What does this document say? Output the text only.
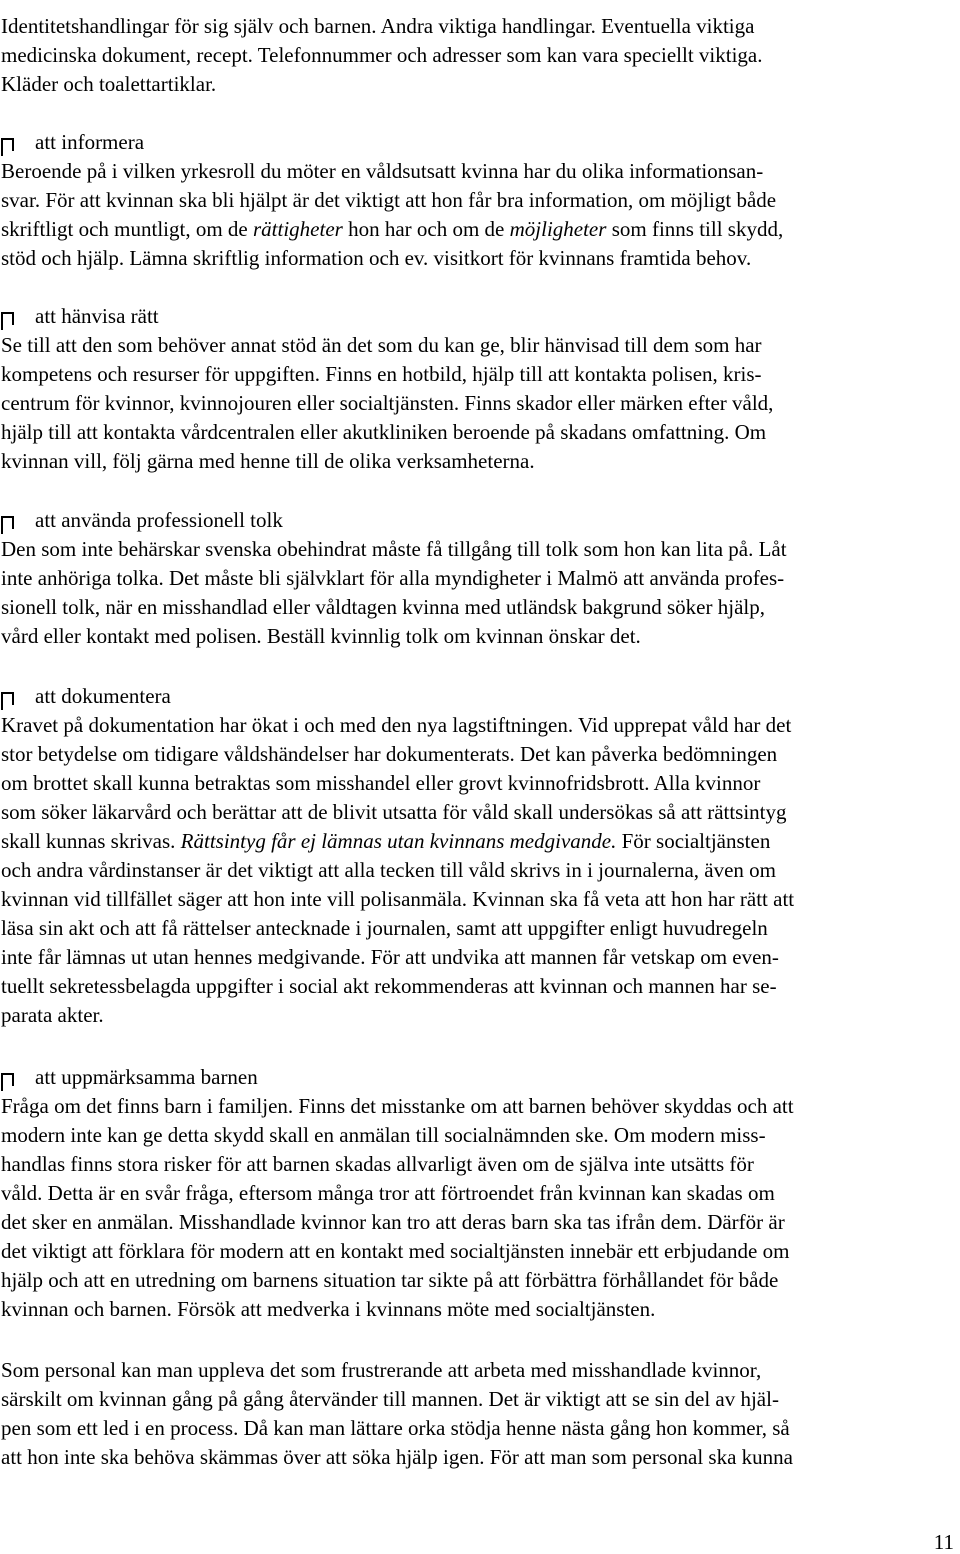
Identitetshandlingar för sig själv och barnen. Andra viktiga handlingar. Eventuella viktiga

medicinska dokument, recept. Telefonnummer och adresser som kan vara speciellt viktiga.

Kläder och toalettartiklar.

att informera

Beroende på i vilken yrkesroll du möter en våldsutsatt kvinna har du olika informationsan-

svar. För att kvinnan ska bli hjälpt är det viktigt att hon får bra information, om möjligt både

skriftligt och muntligt, om de rättigheter hon har och om de möjligheter som finns till skydd,

stöd och hjälp. Lämna skriftlig information och ev. visitkort för kvinnans framtida behov.

att hänvisa rätt

Se till att den som behöver annat stöd än det som du kan ge, blir hänvisad till dem som har

kompetens och resurser för uppgiften. Finns en hotbild, hjälp till att kontakta polisen, kris-

centrum för kvinnor, kvinnojouren eller socialtjänsten. Finns skador eller märken efter våld,

hjälp till att kontakta vårdcentralen eller akutkliniken beroende på skadans omfattning. Om

kvinnan vill, följ gärna med henne till de olika verksamheterna.

att använda professionell tolk

Den som inte behärskar svenska obehindrat måste få tillgång till tolk som hon kan lita på. Låt

inte anhöriga tolka. Det måste bli självklart för alla myndigheter i Malmö att använda profes-

sionell tolk, när en misshandlad eller våldtagen kvinna med utländsk bakgrund söker hjälp,

vård eller kontakt med polisen. Beställ kvinnlig tolk om kvinnan önskar det.

att dokumentera

Kravet på dokumentation har ökat i och med den nya lagstiftningen. Vid upprepat våld har det

stor betydelse om tidigare våldshändelser har dokumenterats. Det kan påverka bedömningen

om brottet skall kunna betraktas som misshandel eller grovt kvinnofridsbrott. Alla kvinnor

som söker läkarvård och berättar att de blivit utsatta för våld skall undersökas så att rättsintyg

skall kunnas skrivas. Rättsintyg får ej lämnas utan kvinnans medgivande. För socialtjänsten

och andra vårdinstanser är det viktigt att alla tecken till våld skrivs in i journalerna, även om

kvinnan vid tillfället säger att hon inte vill polisanmäla. Kvinnan ska få veta att hon har rätt att

läsa sin akt och att få rättelser antecknade i journalen, samt att uppgifter enligt huvudregeln

inte får lämnas ut utan hennes medgivande. För att undvika att mannen får vetskap om even-

tuellt sekretessbelagda uppgifter i social akt rekommenderas att kvinnan och mannen har se-

parata akter.

att uppmärksamma barnen

Fråga om det finns barn i familjen. Finns det misstanke om att barnen behöver skyddas och att

modern inte kan ge detta skydd skall en anmälan till socialnämnden ske. Om modern miss-

handlas finns stora risker för att barnen skadas allvarligt även om de själva inte utsätts för

våld. Detta är en svår fråga, eftersom många tror att förtroendet från kvinnan kan skadas om

det sker en anmälan. Misshandlade kvinnor kan tro att deras barn ska tas ifrån dem. Därför är

det viktigt att förklara för modern att en kontakt med socialtjänsten innebär ett erbjudande om

hjälp och att en utredning om barnens situation tar sikte på att förbättra förhållandet för både

kvinnan och barnen. Försök att medverka i kvinnans möte med socialtjänsten.

Som personal kan man uppleva det som frustrerande att arbeta med misshandlade kvinnor,

särskilt om kvinnan gång på gång återvänder till mannen. Det är viktigt att se sin del av hjäl-

pen som ett led i en process. Då kan man lättare orka stödja henne nästa gång hon kommer, så

att hon inte ska behöva skämmas över att söka hjälp igen. För att man som personal ska kunna

11
